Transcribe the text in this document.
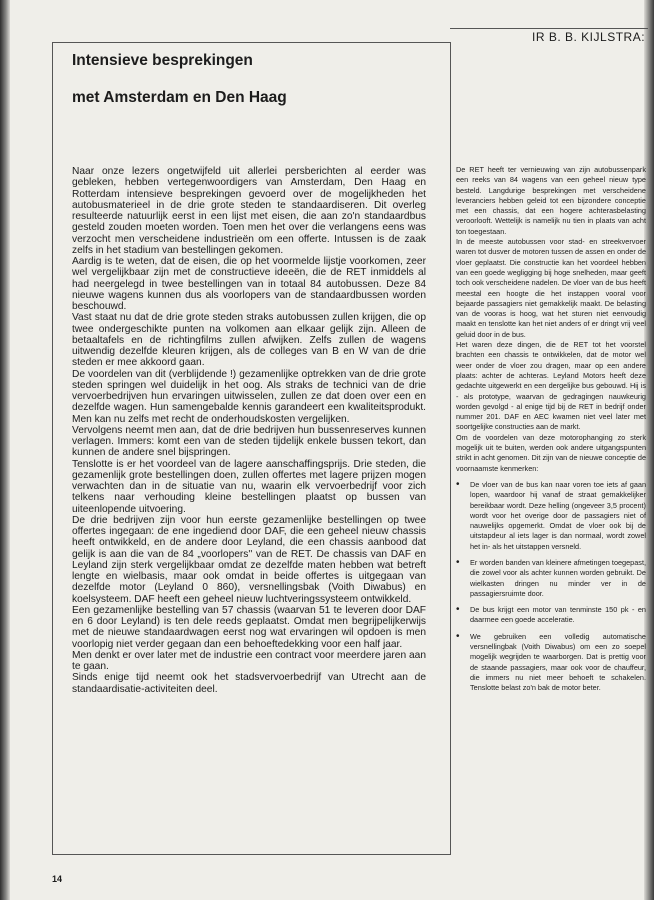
IR B. B. KIJLSTRA:
Intensieve besprekingen
met Amsterdam en Den Haag

Naar onze lezers ongetwijfeld uit allerlei persberichten al eerder was gebleken, hebben vertegenwoordigers van Amsterdam, Den Haag en Rotterdam intensieve besprekingen gevoerd over de mogelijkheden het autobusmaterieel in de drie grote steden te standaardiseren. Dit overleg resulteerde natuurlijk eerst in een lijst met eisen, die aan zo'n standaardbus gesteld zouden moeten worden. Toen men het over die verlangens eens was verzocht men verscheidene industrieën om een offerte. Intussen is de zaak zelfs in het stadium van bestellingen gekomen.

Aardig is te weten, dat de eisen, die op het voormelde lijstje voorkomen, zeer wel vergelijkbaar zijn met de constructieve ideeën, die de RET inmiddels al had neergelegd in twee bestellingen van in totaal 84 autobussen. Deze 84 nieuwe wagens kunnen dus als voorlopers van de standaardbussen worden beschouwd.

Vast staat nu dat de drie grote steden straks autobussen zullen krijgen, die op twee ondergeschikte punten na volkomen aan elkaar gelijk zijn. Alleen de betaaltafels en de richtingfilms zullen afwijken. Zelfs zullen de wagens uitwendig dezelfde kleuren krijgen, als de colleges van B en W van de drie steden er mee akkoord gaan.

De voordelen van dit (verblijdende !) gezamenlijke optrekken van de drie grote steden springen wel duidelijk in het oog. Als straks de technici van de drie vervoerbedrijven hun ervaringen uitwisselen, zullen ze dat doen over een en dezelfde wagen. Hun samengebalde kennis garandeert een kwaliteitsprodukt. Men kan nu zelfs met recht de onderhoudskosten vergelijken.

Vervolgens neemt men aan, dat de drie bedrijven hun bussenreserves kunnen verlagen. Immers: komt een van de steden tijdelijk enkele bussen tekort, dan kunnen de andere snel bijspringen.

Tenslotte is er het voordeel van de lagere aanschaffingsprijs. Drie steden, die gezamenlijk grote bestellingen doen, zullen offertes met lagere prijzen mogen verwachten dan in de situatie van nu, waarin elk vervoerbedrijf voor zich telkens naar verhouding kleine bestellingen plaatst op bussen van uiteenlopende uitvoering.

De drie bedrijven zijn voor hun eerste gezamenlijke bestellingen op twee offertes ingegaan: de ene ingediend door DAF, die een geheel nieuw chassis heeft ontwikkeld, en de andere door Leyland, die een chassis aanbood dat gelijk is aan die van de 84 „voorlopers'' van de RET. De chassis van DAF en Leyland zijn sterk vergelijkbaar omdat ze dezelfde maten hebben wat betreft lengte en wielbasis, maar ook omdat in beide offertes is uitgegaan van dezelfde motor (Leyland 0 860), versnellingsbak (Voith Diwabus) en koelsysteem. DAF heeft een geheel nieuw luchtveringssysteem ontwikkeld.

Een gezamenlijke bestelling van 57 chassis (waarvan 51 te leveren door DAF en 6 door Leyland) is ten dele reeds geplaatst. Omdat men begrijpelijkerwijs met de nieuwe standaardwagen eerst nog wat ervaringen wil opdoen is men voorlopig niet verder gegaan dan een behoeftedekking voor een half jaar.

Men denkt er over later met de industrie een contract voor meerdere jaren aan te gaan.

Sinds enige tijd neemt ook het stadsvervoerbedrijf van Utrecht aan de standaardisatie-activiteiten deel.

De RET heeft ter vernieuwing van zijn autobussenpark een reeks van 84 wagens van een geheel nieuw type besteld. Langdurige besprekingen met verscheidene leveranciers hebben geleid tot een bijzondere conceptie met een chassis, dat een hogere achterasbelasting veroorlooft. Wettelijk is namelijk nu tien in plaats van acht ton toegestaan.

In de meeste autobussen voor stad- en streekvervoer waren tot dusver de motoren tussen de assen en onder de vloer geplaatst. Die constructie kan het voordeel hebben van een goede wegligging bij hoge snelheden, maar geeft toch ook verscheidene nadelen. De vloer van de bus heeft meestal een hoogte die het instappen vooral voor bejaarde passagiers niet gemakkelijk maakt. De belasting van de vooras is hoog, wat het sturen niet eenvoudig maakt en tenslotte kan het niet anders of er dringt vrij veel geluid door in de bus.

Het waren deze dingen, die de RET tot het voorstel brachten een chassis te ontwikkelen, dat de motor wel weer onder de vloer zou dragen, maar op een andere plaats: achter de achteras. Leyland Motors heeft deze gedachte uitgewerkt en een dergelijke bus gebouwd. Hij is - als prototype, waarvan de gedragingen nauwkeurig worden gevolgd - al enige tijd bij de RET in bedrijf onder nummer 201. DAF en AEC kwamen niet veel later met soortgelijke constructies aan de markt.

Om de voordelen van deze motorophanging zo sterk mogelijk uit te buiten, werden ook andere uitgangspunten strikt in acht genomen. Dit zijn van de nieuwe conceptie de voornaamste kenmerken:

•	De vloer van de bus kan naar voren toe iets af gaan lopen, waardoor hij vanaf de straat gemakkelijker bereikbaar wordt. Deze helling (ongeveer 3,5 procent) wordt voor het overige door de passagiers niet of nauwelijks opgemerkt. Omdat de vloer ook bij de uitstapdeur al iets lager is dan normaal, wordt zowel het in- als het uitstappen versneld.

•	Er worden banden van kleinere afmetingen toegepast, die zowel voor als achter kunnen worden gebruikt. De wielkasten dringen nu minder ver in de passagiersruimte door.

•	De bus krijgt een motor van tenminste 150 pk - en daarmee een goede acceleratie.

•	We gebruiken een volledig automatische versnellingbak (Voith Diwabus) om een zo soepel mogelijk wegrijden te waarborgen. Dat is prettig voor de staande passagiers, maar ook voor de chauffeur, die immers nu niet meer behoeft te schakelen. Tenslotte belast zo'n bak de motor beter.

14
